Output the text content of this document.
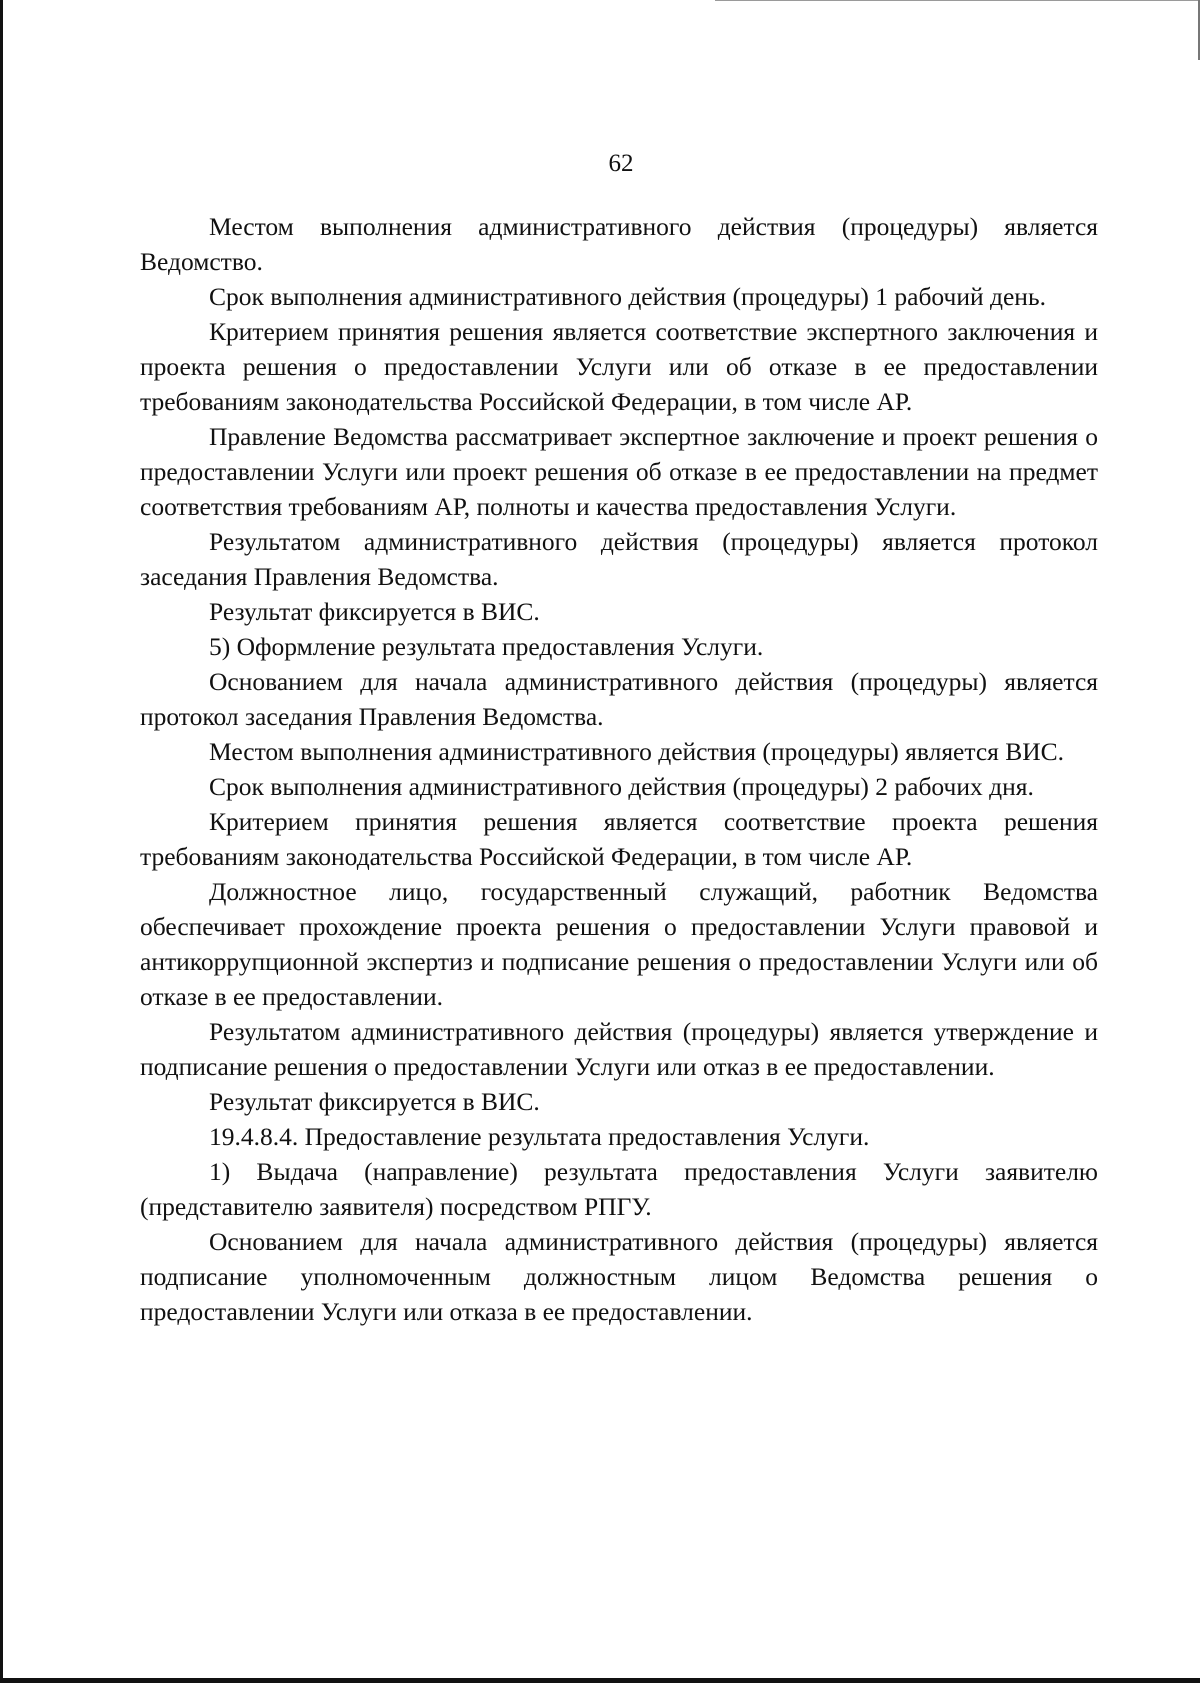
62

Местом выполнения административного действия (процедуры) является Ведомство.

Срок выполнения административного действия (процедуры) 1 рабочий день.

Критерием принятия решения является соответствие экспертного заключения и проекта решения о предоставлении Услуги или об отказе в ее предоставлении требованиям законодательства Российской Федерации, в том числе АР.

Правление Ведомства рассматривает экспертное заключение и проект решения о предоставлении Услуги или проект решения об отказе в ее предоставлении на предмет соответствия требованиям АР, полноты и качества предоставления Услуги.

Результатом административного действия (процедуры) является протокол заседания Правления Ведомства.

Результат фиксируется в ВИС.

5) Оформление результата предоставления Услуги.

Основанием для начала административного действия (процедуры) является протокол заседания Правления Ведомства.

Местом выполнения административного действия (процедуры) является ВИС.

Срок выполнения административного действия (процедуры) 2 рабочих дня.

Критерием принятия решения является соответствие проекта решения требованиям законодательства Российской Федерации, в том числе АР.

Должностное лицо, государственный служащий, работник Ведомства обеспечивает прохождение проекта решения о предоставлении Услуги правовой и антикоррупционной экспертиз и подписание решения о предоставлении Услуги или об отказе в ее предоставлении.

Результатом административного действия (процедуры) является утверждение и подписание решения о предоставлении Услуги или отказ в ее предоставлении.

Результат фиксируется в ВИС.

19.4.8.4. Предоставление результата предоставления Услуги.

1) Выдача (направление) результата предоставления Услуги заявителю (представителю заявителя) посредством РПГУ.

Основанием для начала административного действия (процедуры) является подписание уполномоченным должностным лицом Ведомства решения о предоставлении Услуги или отказа в ее предоставлении.
